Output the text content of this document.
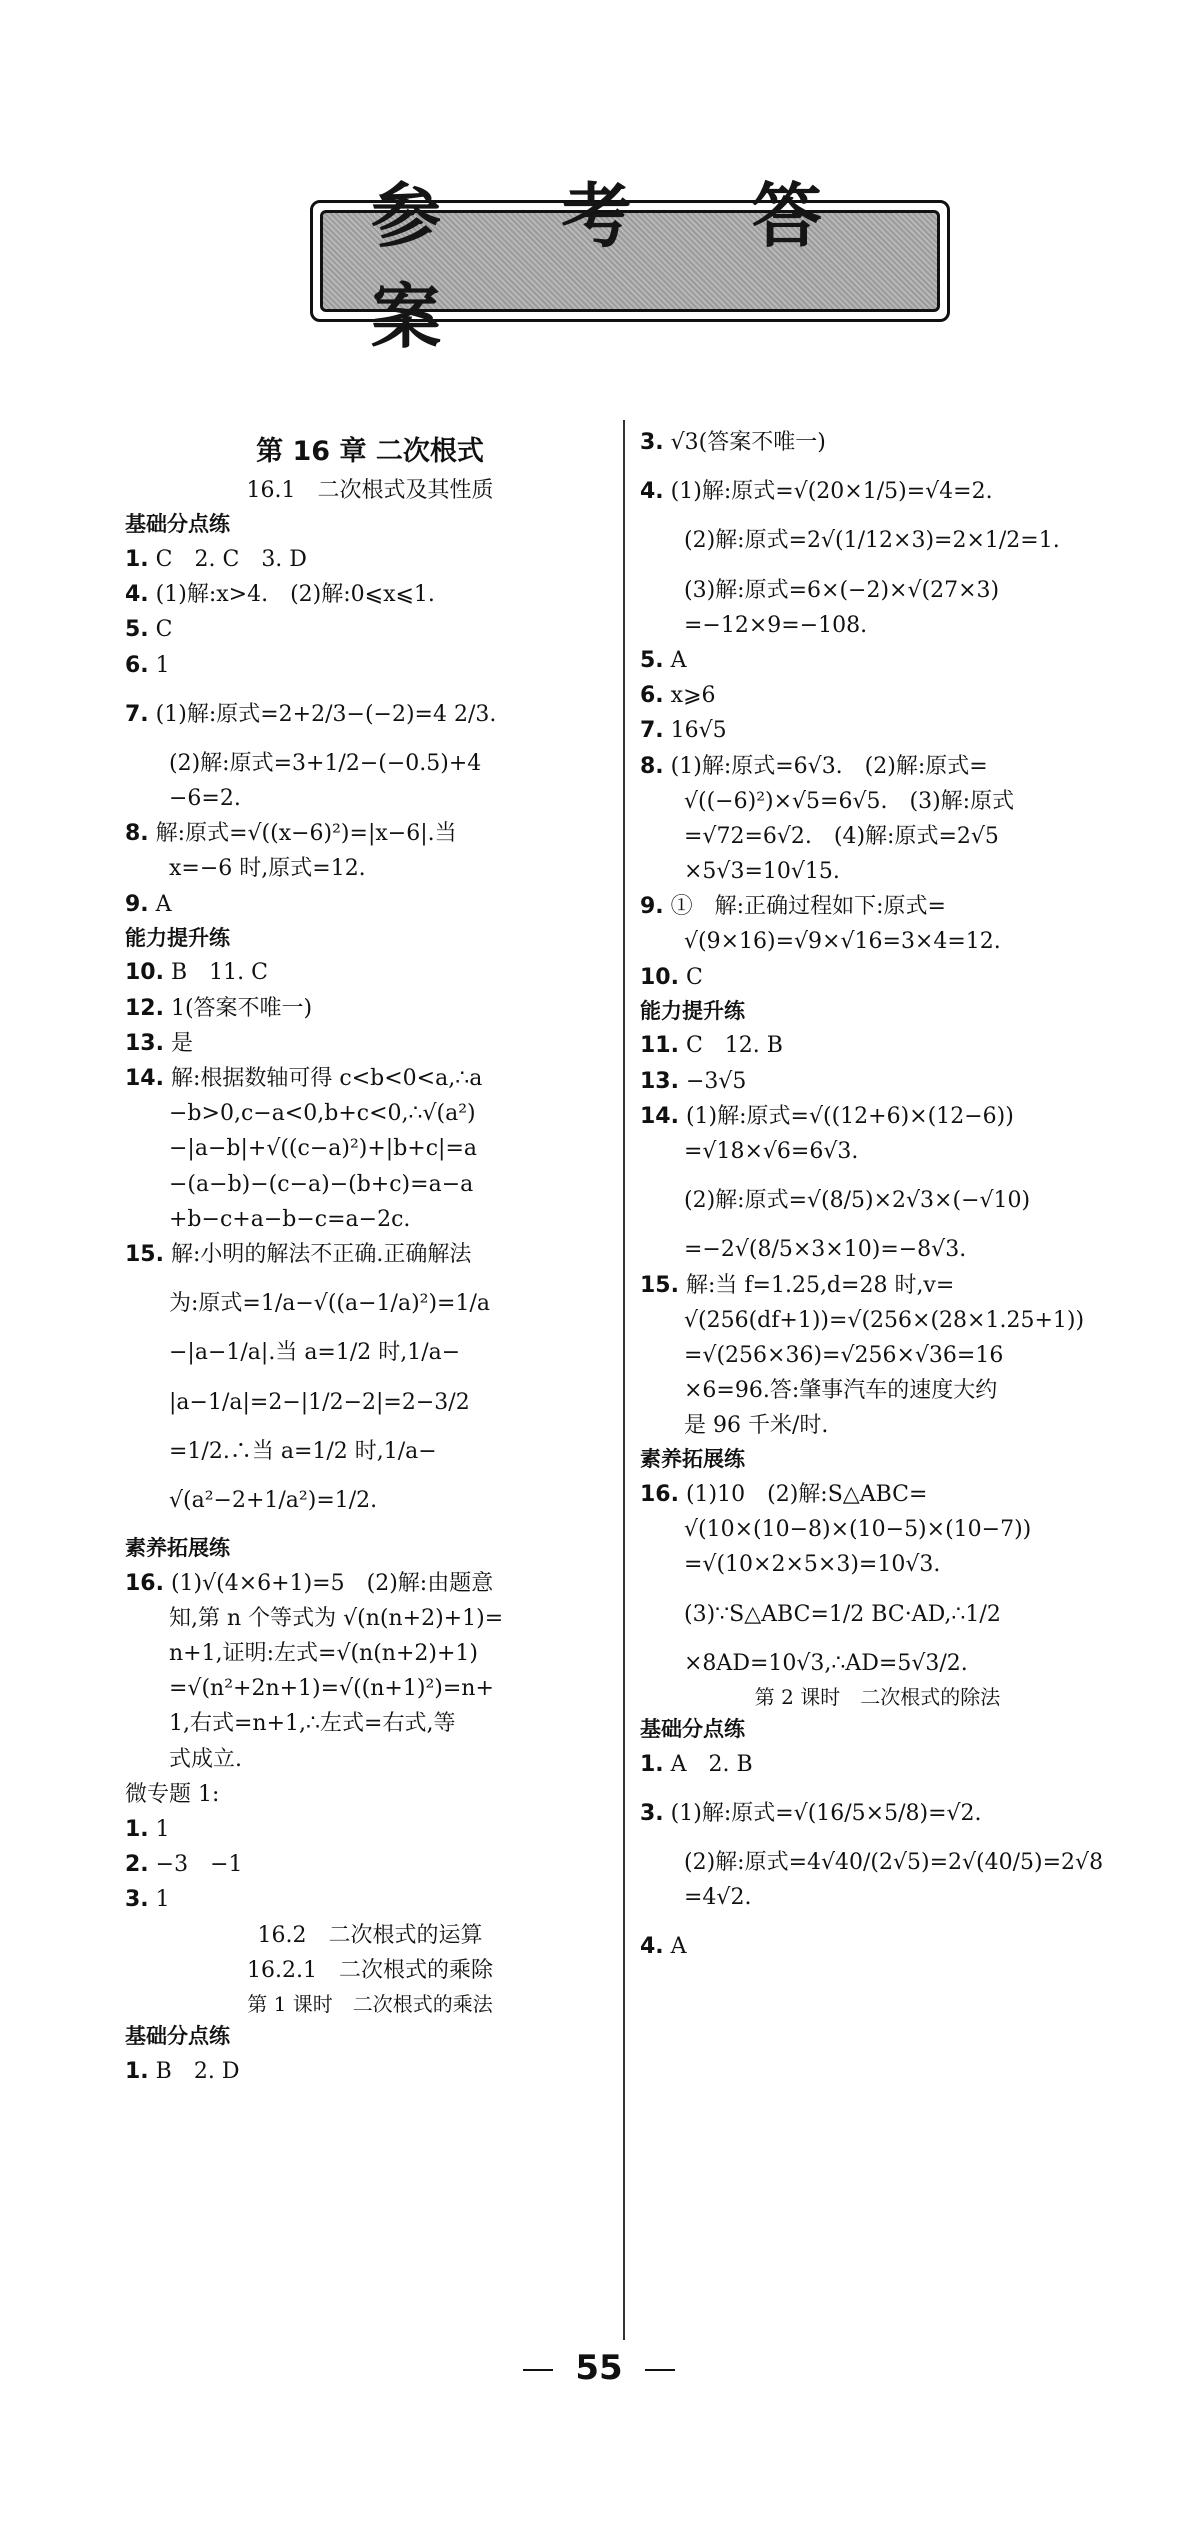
参 考 答 案
第 16 章 二次根式
16.1　二次根式及其性质
基础分点练
1. C　2. C　3. D
4. (1)解:x>4.　(2)解:0⩽x⩽1.
5. C
6. 1
7. (1)解:原式=2+2/3−(−2)=4 2/3.
(2)解:原式=3+1/2−(−0.5)+4
−6=2.
8. 解:原式=√((x−6)²)=|x−6|.当
x=−6 时,原式=12.
9. A
能力提升练
10. B　11. C
12. 1(答案不唯一)
13. 是
14. 解:根据数轴可得 c<b<0<a,∴a
−b>0,c−a<0,b+c<0,∴√(a²)
−|a−b|+√((c−a)²)+|b+c|=a
−(a−b)−(c−a)−(b+c)=a−a
+b−c+a−b−c=a−2c.
15. 解:小明的解法不正确.正确解法
为:原式=1/a−√((a−1/a)²)=1/a
−|a−1/a|.当 a=1/2 时,1/a−
|a−1/a|=2−|1/2−2|=2−3/2
=1/2.∴当 a=1/2 时,1/a−
√(a²−2+1/a²)=1/2.
素养拓展练
16. (1)√(4×6+1)=5　(2)解:由题意
知,第 n 个等式为 √(n(n+2)+1)=
n+1,证明:左式=√(n(n+2)+1)
=√(n²+2n+1)=√((n+1)²)=n+
1,右式=n+1,∴左式=右式,等
式成立.
微专题 1:
1. 1
2. −3　−1
3. 1
16.2　二次根式的运算
16.2.1　二次根式的乘除
第 1 课时　二次根式的乘法
基础分点练
1. B　2. D
3. √3(答案不唯一)
4. (1)解:原式=√(20×1/5)=√4=2.
(2)解:原式=2√(1/12×3)=2×1/2=1.
(3)解:原式=6×(−2)×√(27×3)
=−12×9=−108.
5. A
6. x⩾6
7. 16√5
8. (1)解:原式=6√3.　(2)解:原式=
√((−6)²)×√5=6√5.　(3)解:原式
=√72=6√2.　(4)解:原式=2√5
×5√3=10√15.
9. ①　解:正确过程如下:原式=
√(9×16)=√9×√16=3×4=12.
10. C
能力提升练
11. C　12. B
13. −3√5
14. (1)解:原式=√((12+6)×(12−6))
=√18×√6=6√3.
(2)解:原式=√(8/5)×2√3×(−√10)
=−2√(8/5×3×10)=−8√3.
15. 解:当 f=1.25,d=28 时,v=
√(256(df+1))=√(256×(28×1.25+1))
=√(256×36)=√256×√36=16
×6=96.答:肇事汽车的速度大约
是 96 千米/时.
素养拓展练
16. (1)10　(2)解:S△ABC=
√(10×(10−8)×(10−5)×(10−7))
=√(10×2×5×3)=10√3.
(3)∵S△ABC=1/2 BC·AD,∴1/2
×8AD=10√3,∴AD=5√3/2.
第 2 课时　二次根式的除法
基础分点练
1. A　2. B
3. (1)解:原式=√(16/5×5/8)=√2.
(2)解:原式=4√40/(2√5)=2√(40/5)=2√8
=4√2.
4. A
55
